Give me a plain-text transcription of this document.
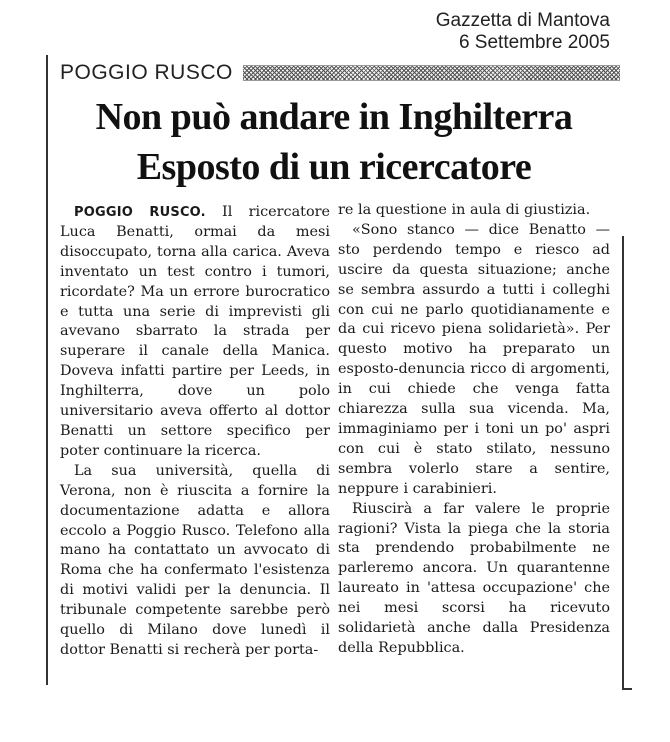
Gazzetta di Mantova
6 Settembre 2005
POGGIO RUSCO
Non può andare in Inghilterra
Esposto di un ricercatore

POGGIO RUSCO. Il ricercatore Luca Benatti, ormai da mesi disoccupato, torna alla carica. Aveva inventato un test contro i tumori, ricordate? Ma un errore burocratico e tutta una serie di imprevisti gli avevano sbarrato la strada per superare il canale della Manica. Doveva infatti partire per Leeds, in Inghilterra, dove un polo universitario aveva offerto al dottor Benatti un settore specifico per poter continuare la ricerca.

La sua università, quella di Verona, non è riuscita a fornire la documentazione adatta e allora eccolo a Poggio Rusco. Telefono alla mano ha contattato un avvocato di Roma che ha confermato l'esistenza di motivi validi per la denuncia. Il tribunale competente sarebbe però quello di Milano dove lunedì il dottor Benatti si recherà per porta-

re la questione in aula di giustizia.

«Sono stanco — dice Benatto — sto perdendo tempo e riesco ad uscire da questa situazione; anche se sembra assurdo a tutti i colleghi con cui ne parlo quotidianamente e da cui ricevo piena solidarietà». Per questo motivo ha preparato un esposto-denuncia ricco di argomenti, in cui chiede che venga fatta chiarezza sulla sua vicenda. Ma, immaginiamo per i toni un po' aspri con cui è stato stilato, nessuno sembra volerlo stare a sentire, neppure i carabinieri.

Riuscirà a far valere le proprie ragioni? Vista la piega che la storia sta prendendo probabilmente ne parleremo ancora. Un quarantenne laureato in 'attesa occupazione' che nei mesi scorsi ha ricevuto solidarietà anche dalla Presidenza della Repubblica.
